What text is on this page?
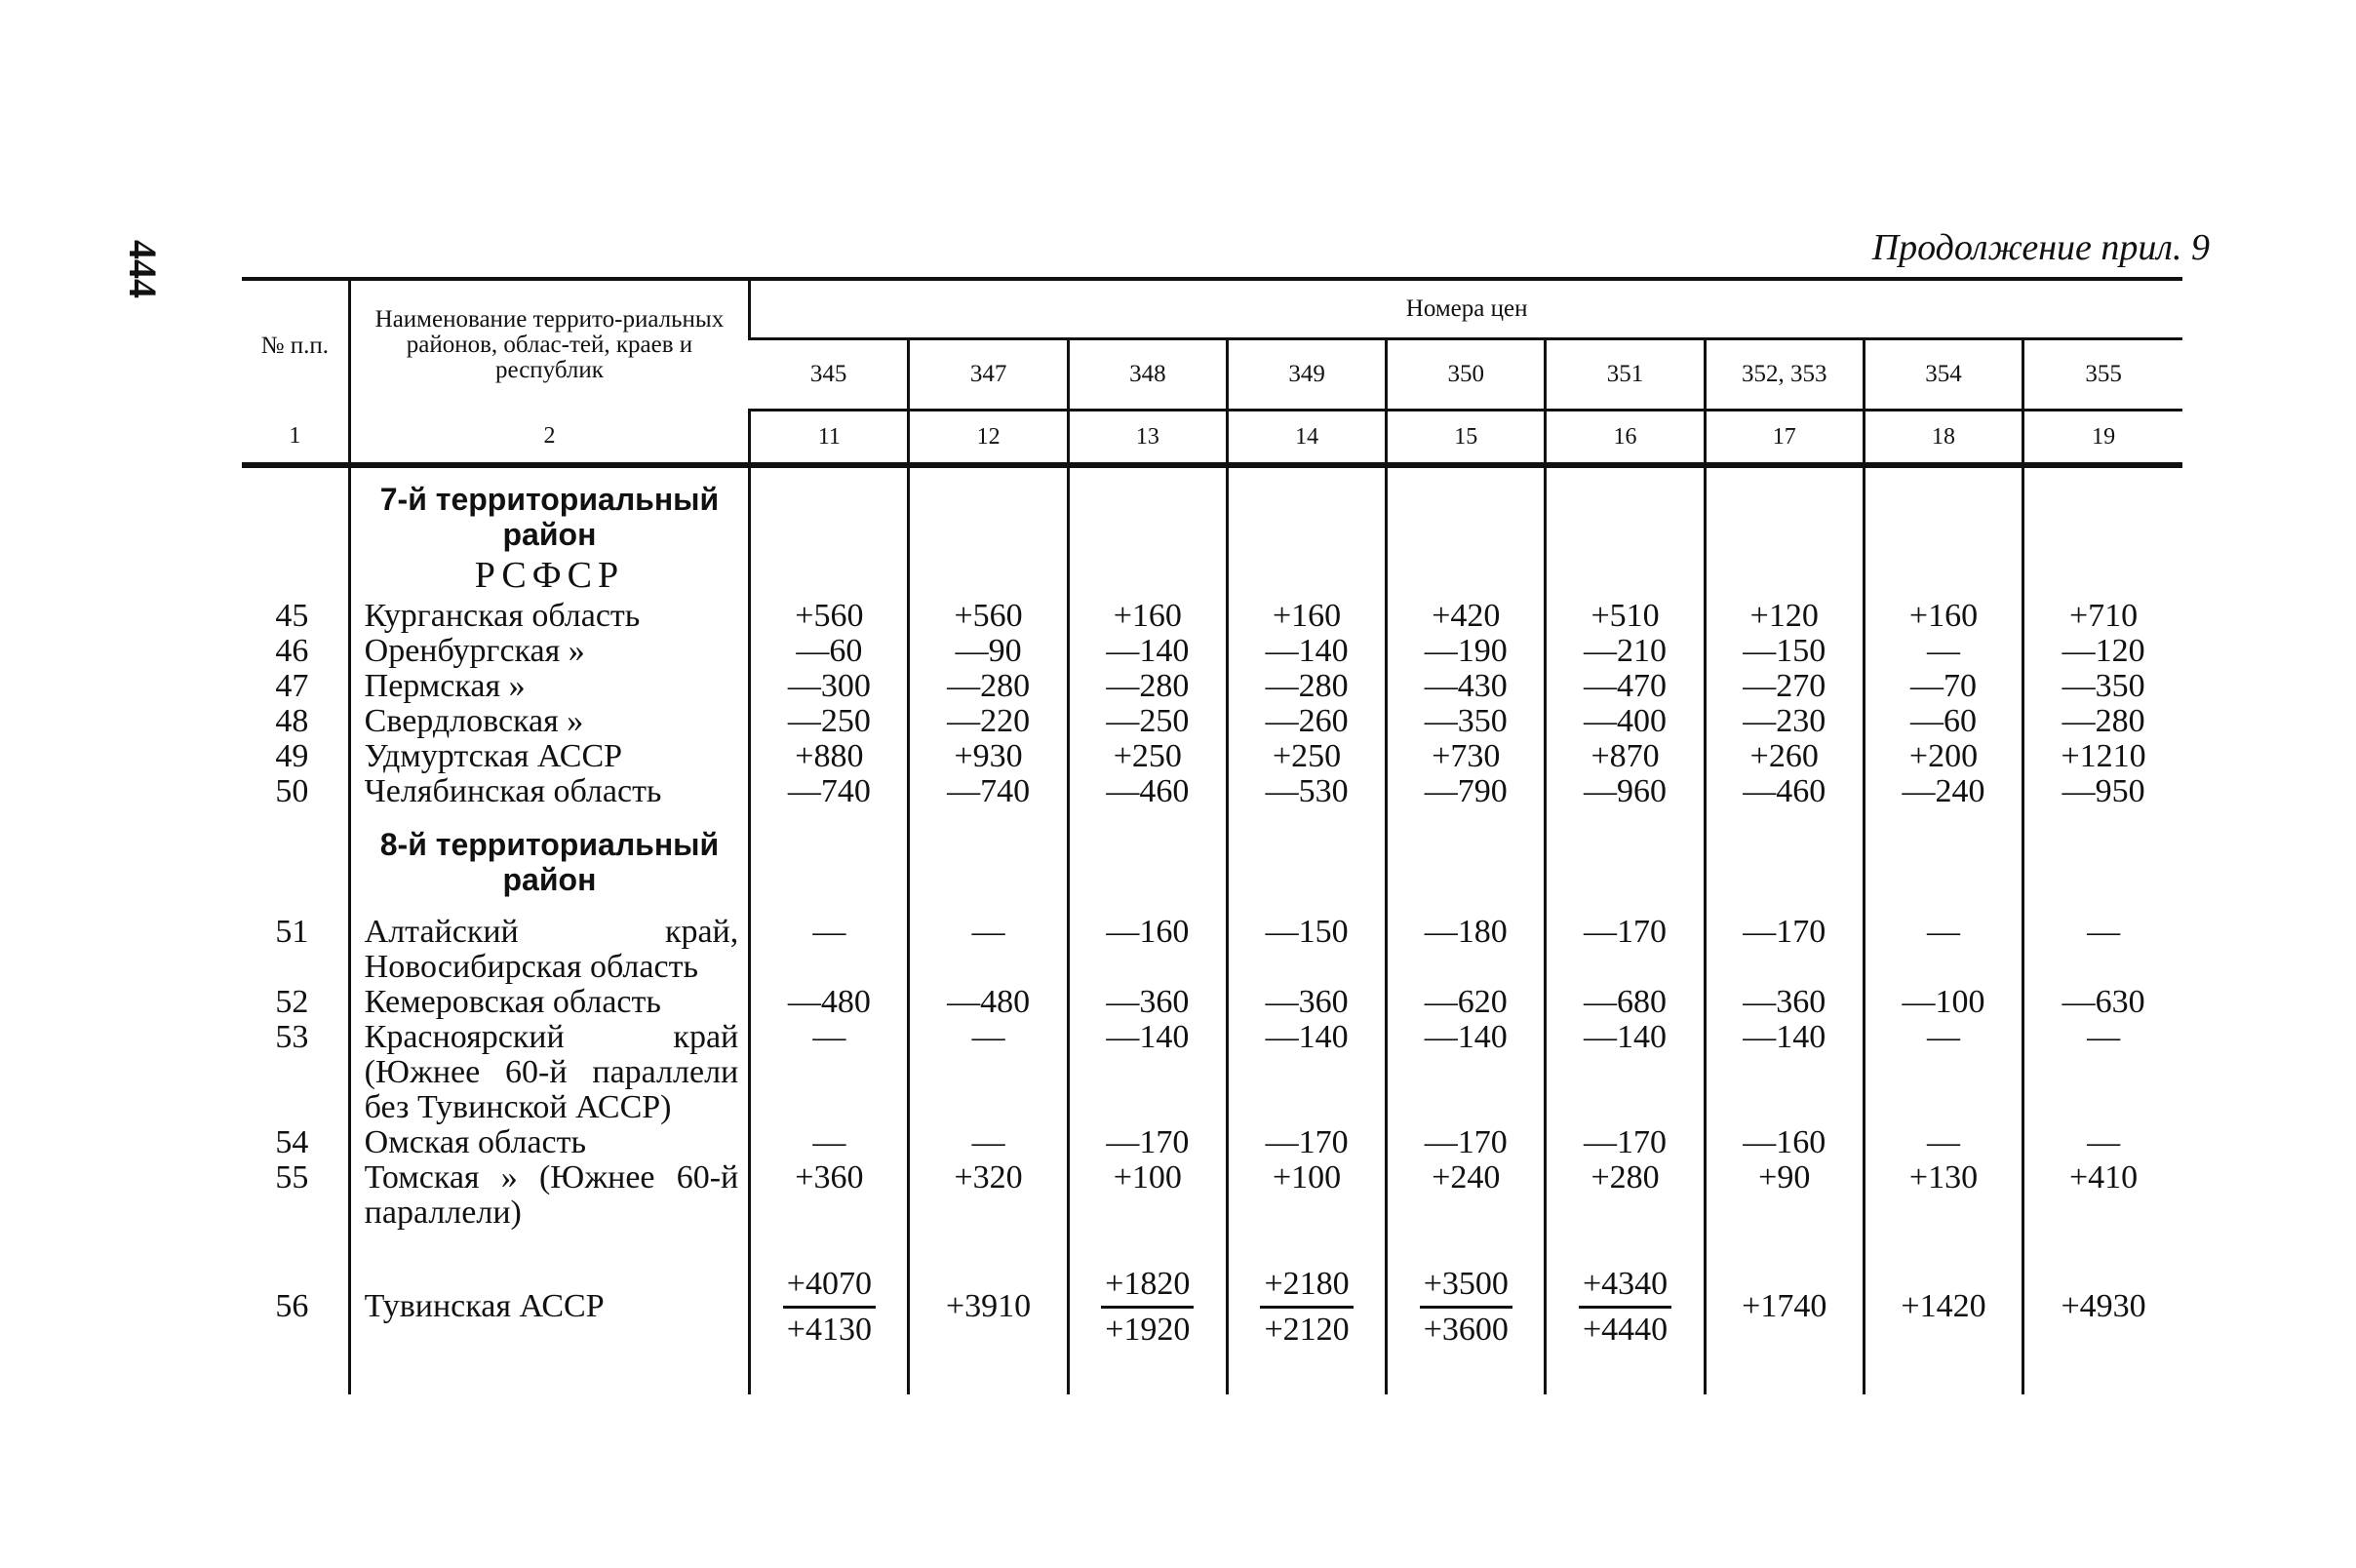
444	Продолжение прил. 9
№ п.п.	Наименование террито-риальных районов, облас-тей, краев и республик	Номера цен								
		345	347	348	349	350	351	352, 353	354	355
1	2	11	12	13	14	15	16	17	18	19

	7-й территориальный район
РСФСР									

45	Курганская область	+560	+560	+160	+160	+420	+510	+120	+160	+710
46	Оренбургская »	—60	—90	—140	—140	—190	—210	—150	—	—120
47	Пермская »	—300	—280	—280	—280	—430	—470	—270	—70	—350
48	Свердловская »	—250	—220	—250	—260	—350	—400	—230	—60	—280
49	Удмуртская АССР	+880	+930	+250	+250	+730	+870	+260	+200	+1210
50	Челябинская область	—740	—740	—460	—530	—790	—960	—460	—240	—950

	8-й территориальный район									

51	Алтайский край, Новосибирская область	—	—	—160	—150	—180	—170	—170	—	—
52	Кемеровская область	—480	—480	—360	—360	—620	—680	—360	—100	—630
53	Красноярский край (Южнее 60-й параллели без Тувинской АССР)	—	—	—140	—140	—140	—140	—140	—	—
54	Омская область	—	—	—170	—170	—170	—170	—160	—	—
55	Томская » (Южнее 60-й параллели)	+360	+320	+100	+100	+240	+280	+90	+130	+410

56	Тувинская АССР	$\frac{+4070}{+4130}$	+3910	$\frac{+1820}{+1920}$	$\frac{+2180}{+2120}$	$\frac{+3500}{+3600}$	$\frac{+4340}{+4440}$	+1740	+1420	+4930
